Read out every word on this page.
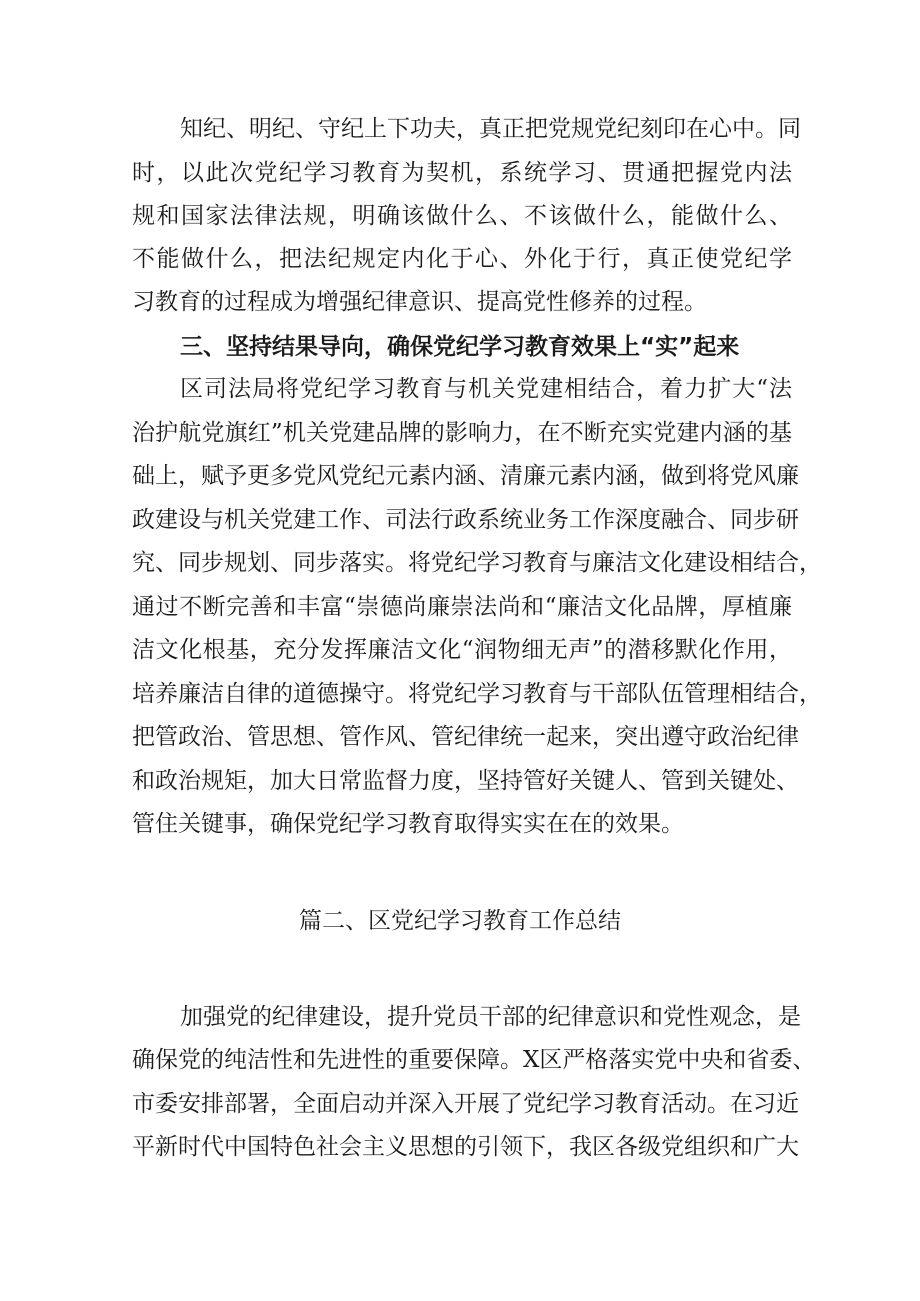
知纪、明纪、守纪上下功夫，真正把党规党纪刻印在心中。同
时，以此次党纪学习教育为契机，系统学习、贯通把握党内法
规和国家法律法规，明确该做什么、不该做什么，能做什么、
不能做什么，把法纪规定内化于心、外化于行，真正使党纪学
习教育的过程成为增强纪律意识、提高党性修养的过程。
三、坚持结果导向，确保党纪学习教育效果上“实”起来
区司法局将党纪学习教育与机关党建相结合，着力扩大“法
治护航党旗红”机关党建品牌的影响力，在不断充实党建内涵的基
础上，赋予更多党风党纪元素内涵、清廉元素内涵，做到将党风廉
政建设与机关党建工作、司法行政系统业务工作深度融合、同步研
究、同步规划、同步落实。将党纪学习教育与廉洁文化建设相结合，
通过不断完善和丰富“崇德尚廉崇法尚和“廉洁文化品牌，厚植廉
洁文化根基，充分发挥廉洁文化“润物细无声”的潜移默化作用，
培养廉洁自律的道德操守。将党纪学习教育与干部队伍管理相结合，
把管政治、管思想、管作风、管纪律统一起来，突出遵守政治纪律
和政治规矩，加大日常监督力度，坚持管好关键人、管到关键处、
管住关键事，确保党纪学习教育取得实实在在的效果。
篇二、区党纪学习教育工作总结
加强党的纪律建设，提升党员干部的纪律意识和党性观念，是
确保党的纯洁性和先进性的重要保障。X区严格落实党中央和省委、
市委安排部署，全面启动并深入开展了党纪学习教育活动。在习近
平新时代中国特色社会主义思想的引领下，我区各级党组织和广大
